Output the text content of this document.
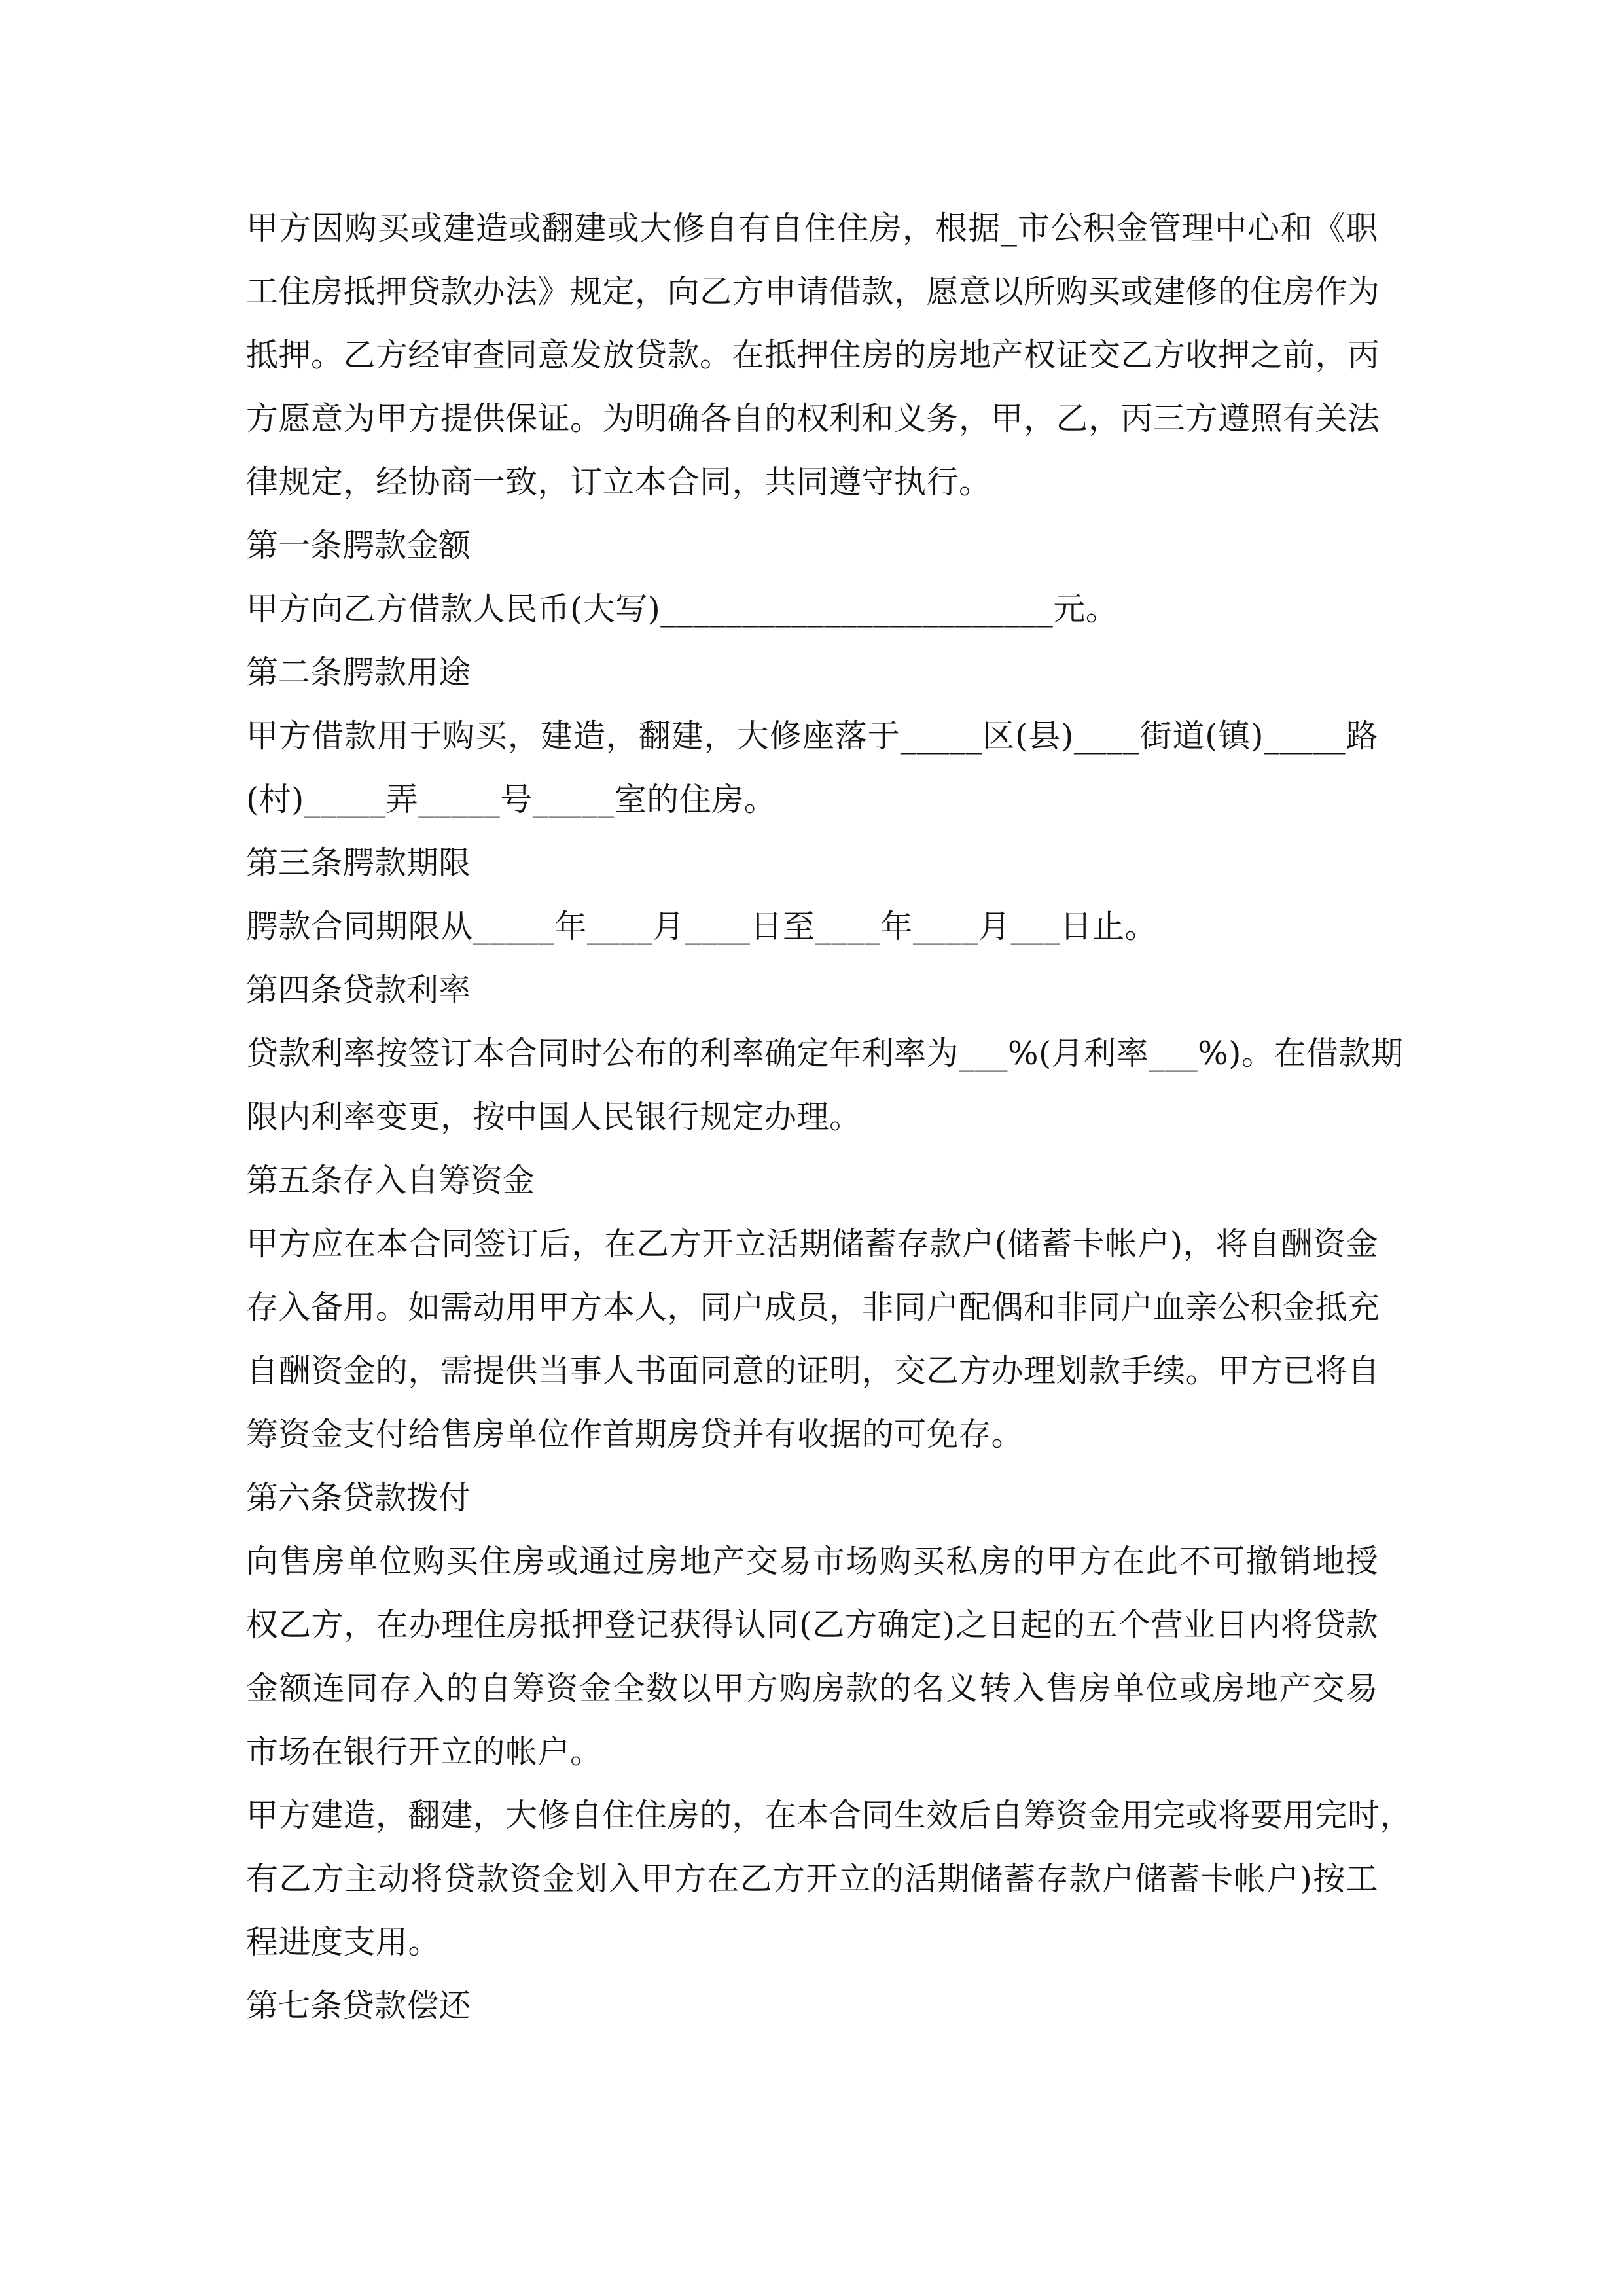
甲方因购买或建造或翻建或大修自有自住住房，根据_市公积金管理中心和《职
工住房抵押贷款办法》规定，向乙方申请借款，愿意以所购买或建修的住房作为
抵押。乙方经审查同意发放贷款。在抵押住房的房地产权证交乙方收押之前，丙
方愿意为甲方提供保证。为明确各自的权利和义务，甲，乙，丙三方遵照有关法
律规定，经协商一致，订立本合同，共同遵守执行。
第一条腭款金额
甲方向乙方借款人民币(大写)________________________元。
第二条腭款用途
甲方借款用于购买，建造，翻建，大修座落于_____区(县)____街道(镇)_____路
(村)_____弄_____号_____室的住房。
第三条腭款期限
腭款合同期限从_____年____月____日至____年____月___日止。
第四条贷款利率
贷款利率按签订本合同时公布的利率确定年利率为___%(月利率___%)。在借款期
限内利率变更，按中国人民银行规定办理。
第五条存入自筹资金
甲方应在本合同签订后，在乙方开立活期储蓄存款户(储蓄卡帐户)，将自酬资金
存入备用。如需动用甲方本人，同户成员，非同户配偶和非同户血亲公积金抵充
自酬资金的，需提供当事人书面同意的证明，交乙方办理划款手续。甲方已将自
筹资金支付给售房单位作首期房贷并有收据的可免存。
第六条贷款拨付
向售房单位购买住房或通过房地产交易市场购买私房的甲方在此不可撤销地授
权乙方，在办理住房抵押登记获得认同(乙方确定)之日起的五个营业日内将贷款
金额连同存入的自筹资金全数以甲方购房款的名义转入售房单位或房地产交易
市场在银行开立的帐户。
甲方建造，翻建，大修自住住房的，在本合同生效后自筹资金用完或将要用完时，
有乙方主动将贷款资金划入甲方在乙方开立的活期储蓄存款户储蓄卡帐户)按工
程进度支用。
第七条贷款偿还
